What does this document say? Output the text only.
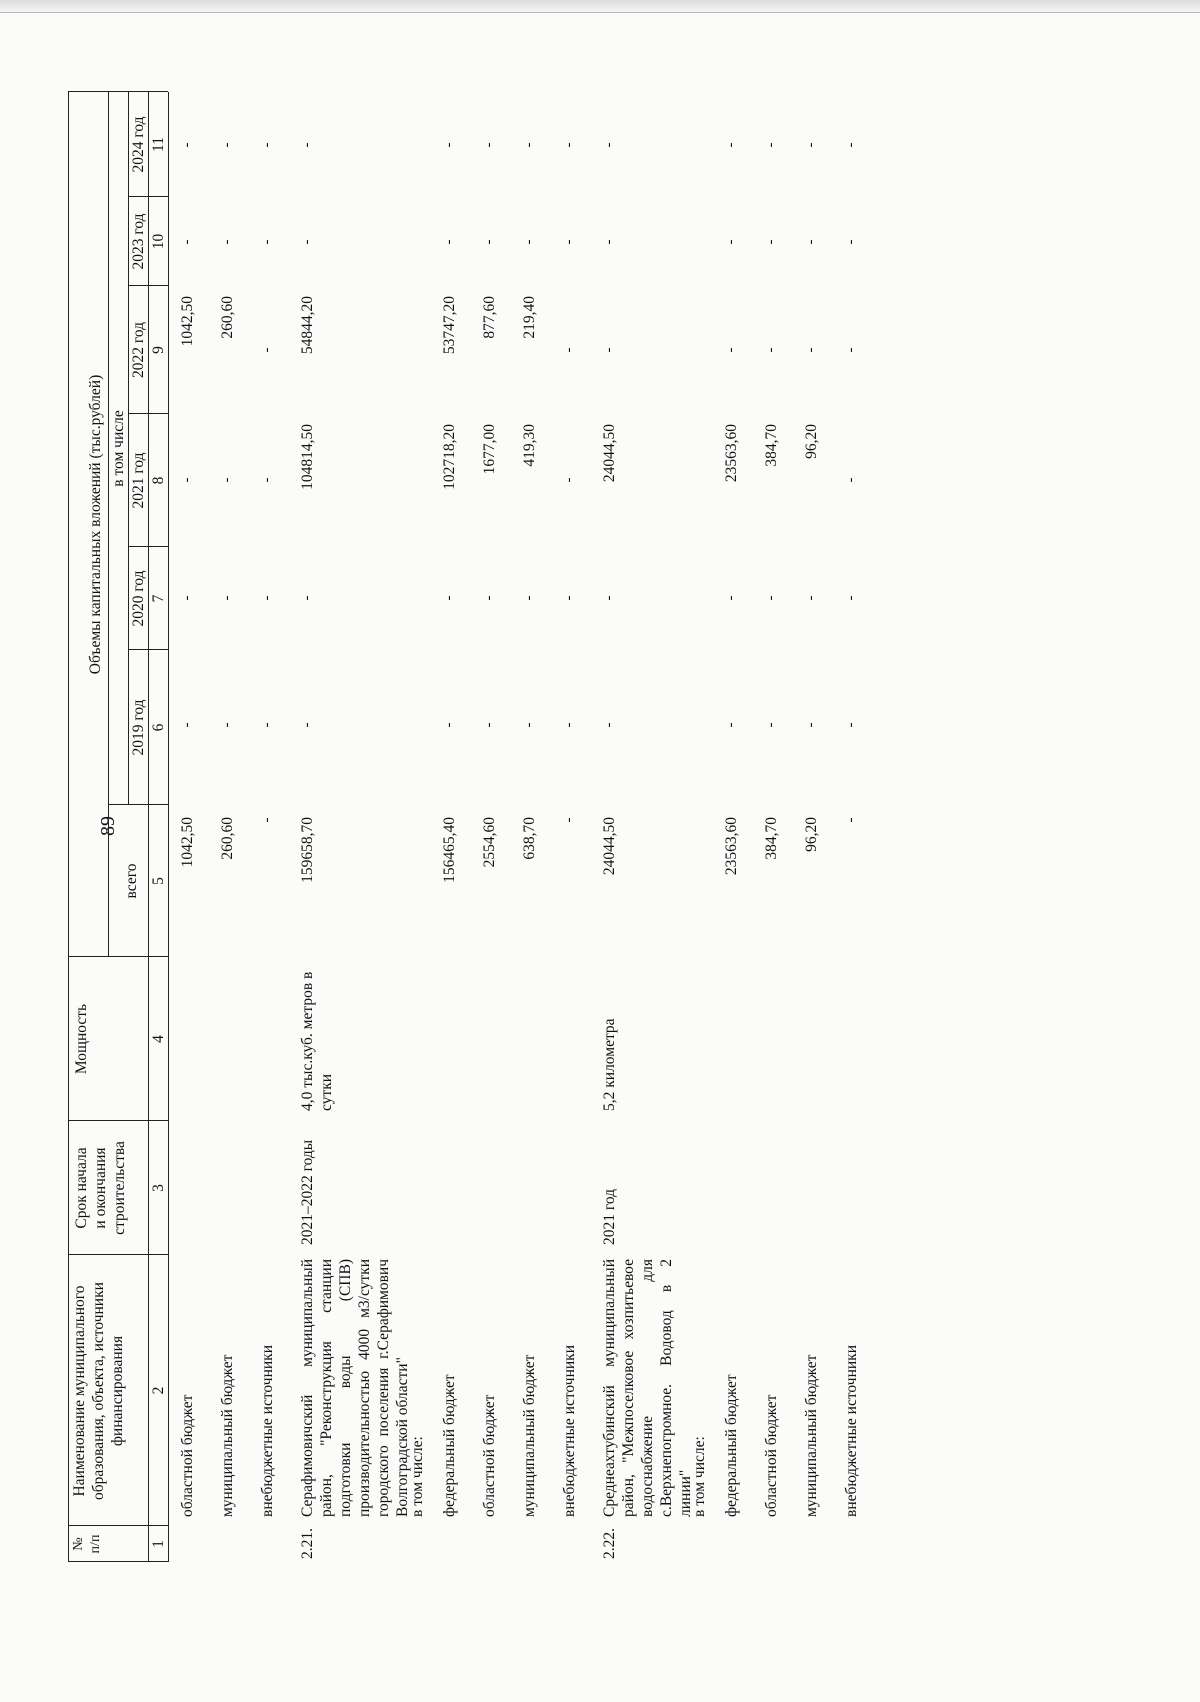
89
№
п/п
Наименование муниципального образования, объекта, источники финансирования
Срок начала
и окончания
строительства
Мощность
Объемы капитальных вложений (тыс.рублей)
всего
в том числе
2019 год
2020 год
2021 год
2022 год
2023 год
2024 год
1
2
3
4
5
6
7
8
9
10
11
областной бюджет
1042,50
-
-
-
1042,50
-
-
муниципальный бюджет
260,60
-
-
-
260,60
-
-
внебюджетные источники
-
-
-
-
-
-
-
2.21.
Серафимовичский муниципальный район, "Реконструкция станции подготовки воды (СПВ) производительностью 4000 м3/сутки городского поселения г.Серафимович Волгоградской области"
2021–2022 годы
4,0 тыс.куб. метров в сутки
159658,70
-
-
104814,50
54844,20
-
-
в том числе: федеральный бюджет
156465,40
-
-
102718,20
53747,20
-
-
областной бюджет
2554,60
-
-
1677,00
877,60
-
-
муниципальный бюджет
638,70
-
-
419,30
219,40
-
-
внебюджетные источники
-
-
-
-
-
-
-
2.22.
Среднеахтубинский муниципальный район, "Межпоселковое хозпитьевое водоснабжение для с.Верхнепогромное. Водовод в 2 линии"
2021 год
5,2 километра
24044,50
-
-
24044,50
-
-
-
в том числе: федеральный бюджет
23563,60
-
-
23563,60
-
-
-
областной бюджет
384,70
-
-
384,70
-
-
-
муниципальный бюджет
96,20
-
-
96,20
-
-
-
внебюджетные источники
-
-
-
-
-
-
-
